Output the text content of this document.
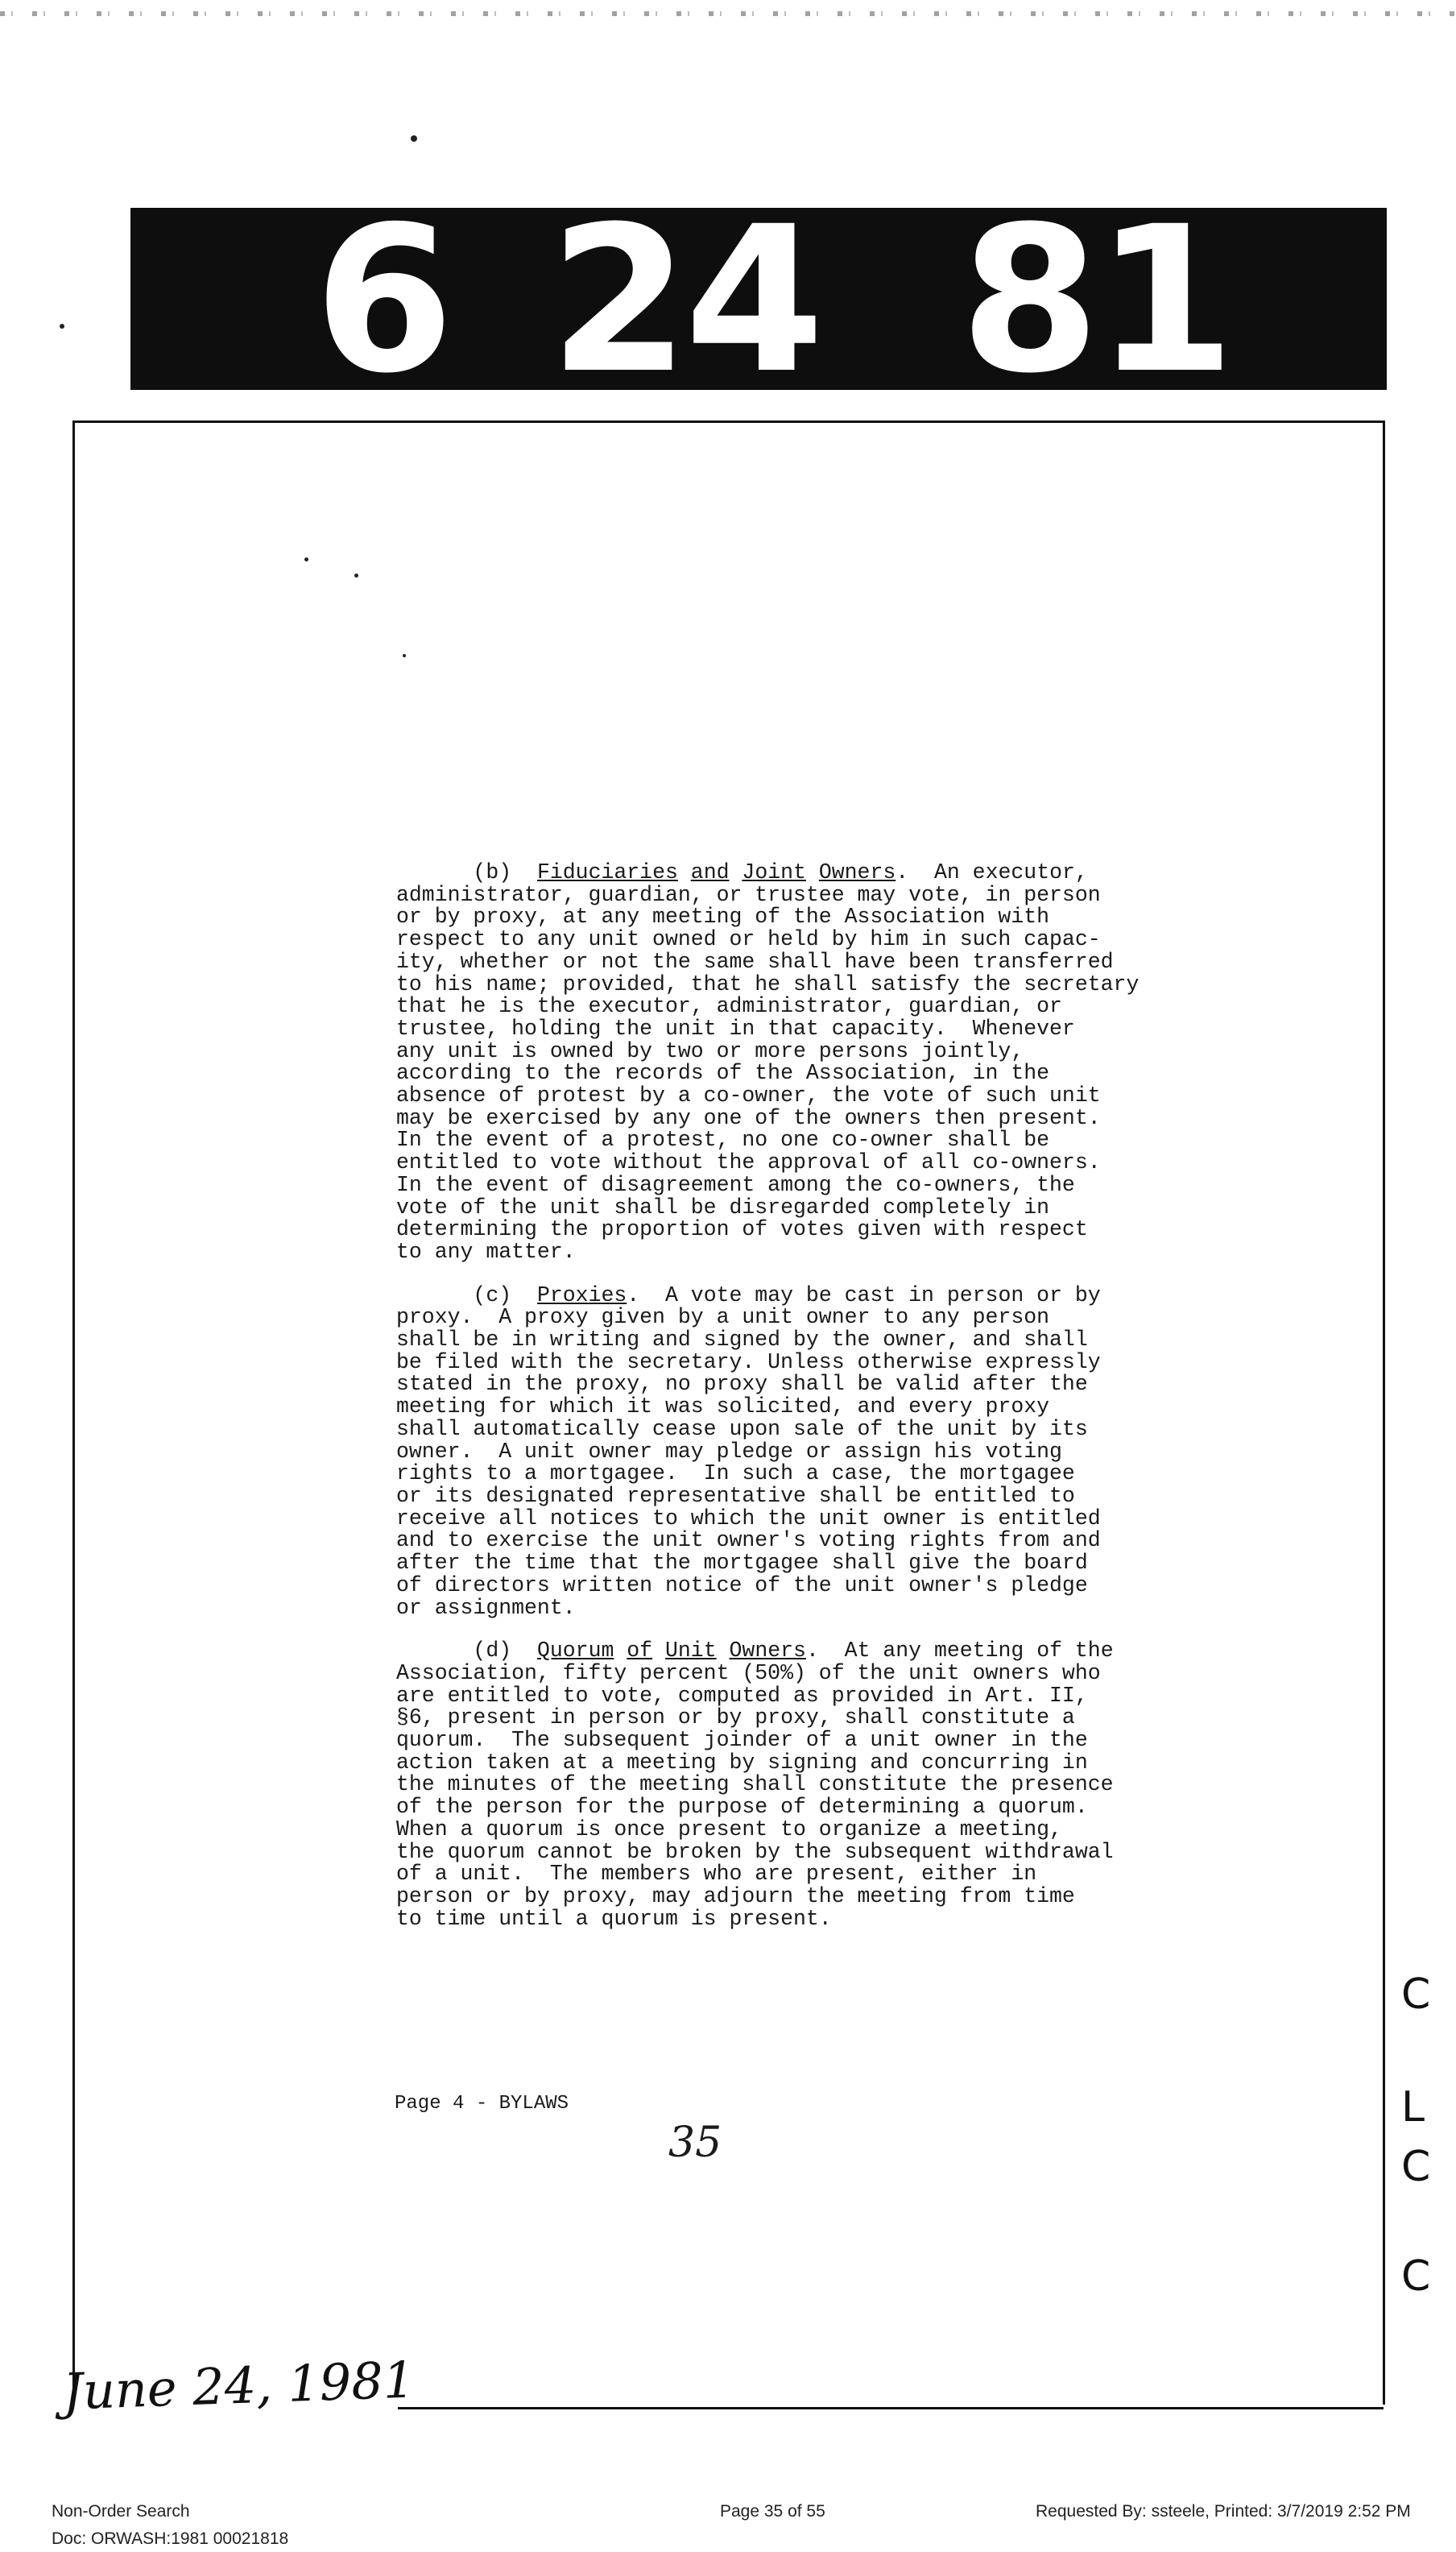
6 24 81
(b) Fiduciaries and Joint Owners.  An executor,
administrator, guardian, or trustee may vote, in person
or by proxy, at any meeting of the Association with
respect to any unit owned or held by him in such capac-
ity, whether or not the same shall have been transferred
to his name; provided, that he shall satisfy the secretary
that he is the executor, administrator, guardian, or
trustee, holding the unit in that capacity.  Whenever
any unit is owned by two or more persons jointly,
according to the records of the Association, in the
absence of protest by a co-owner, the vote of such unit
may be exercised by any one of the owners then present.
In the event of a protest, no one co-owner shall be
entitled to vote without the approval of all co-owners.
In the event of disagreement among the co-owners, the
vote of the unit shall be disregarded completely in
determining the proportion of votes given with respect
to any matter.
(c) Proxies.  A vote may be cast in person or by
proxy.  A proxy given by a unit owner to any person
shall be in writing and signed by the owner, and shall
be filed with the secretary. Unless otherwise expressly
stated in the proxy, no proxy shall be valid after the
meeting for which it was solicited, and every proxy
shall automatically cease upon sale of the unit by its
owner.  A unit owner may pledge or assign his voting
rights to a mortgagee.  In such a case, the mortgagee
or its designated representative shall be entitled to
receive all notices to which the unit owner is entitled
and to exercise the unit owner's voting rights from and
after the time that the mortgagee shall give the board
of directors written notice of the unit owner's pledge
or assignment.
(d) Quorum of Unit Owners.  At any meeting of the
Association, fifty percent (50%) of the unit owners who
are entitled to vote, computed as provided in Art. II,
§6, present in person or by proxy, shall constitute a
quorum.  The subsequent joinder of a unit owner in the
action taken at a meeting by signing and concurring in
the minutes of the meeting shall constitute the presence
of the person for the purpose of determining a quorum.
When a quorum is once present to organize a meeting,
the quorum cannot be broken by the subsequent withdrawal
of a unit.  The members who are present, either in
person or by proxy, may adjourn the meeting from time
to time until a quorum is present.
Page 4 - BYLAWS
35
June 24, 1981
Non-Order Search
Doc: ORWASH:1981 00021818
Page 35 of 55	Requested By: ssteele, Printed: 3/7/2019 2:52 PM
C
L
C
C
